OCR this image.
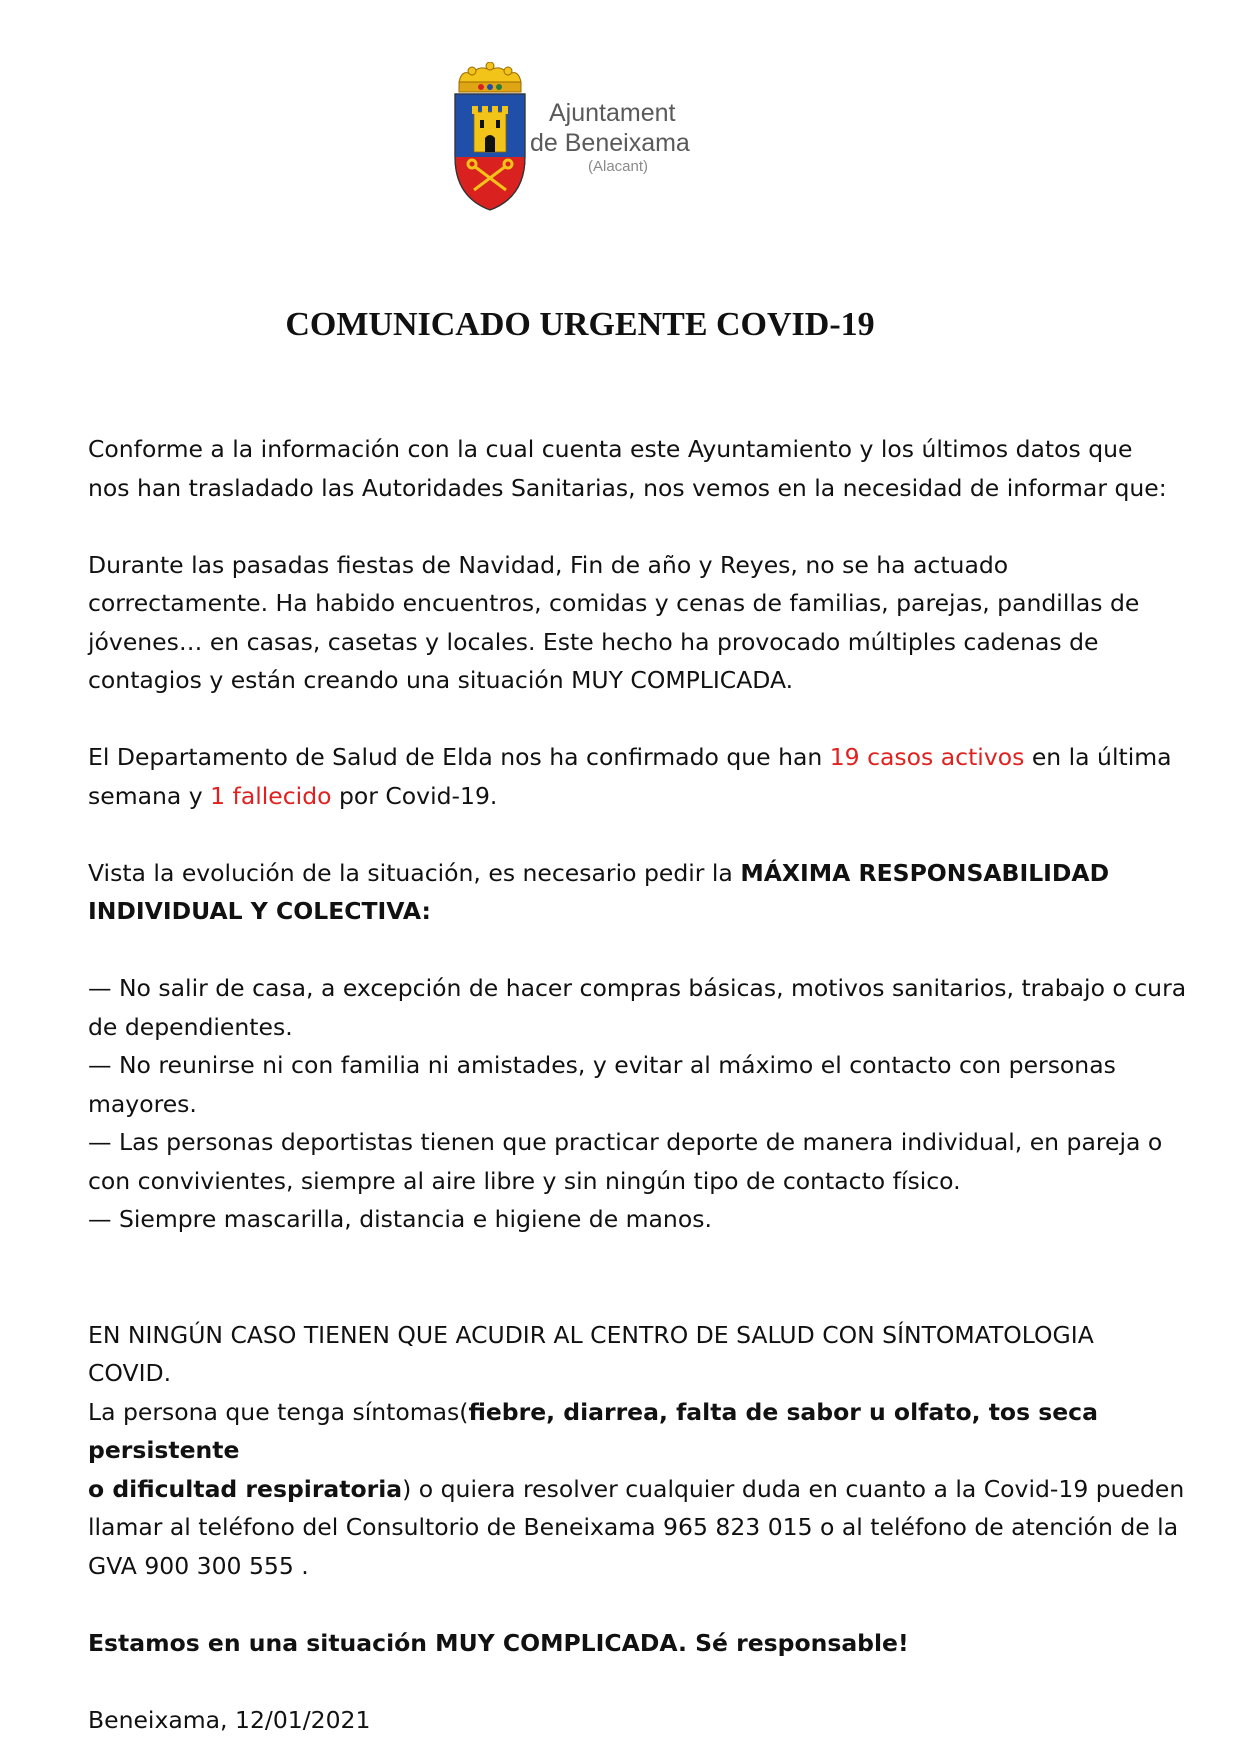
Ajuntament
de Beneixama
(Alacant)
COMUNICADO URGENTE COVID-19

Conforme a la información con la cual cuenta este Ayuntamiento y los últimos datos que
nos han trasladado las Autoridades Sanitarias, nos vemos en la necesidad de informar que:

Durante las pasadas fiestas de Navidad, Fin de año y Reyes, no se ha actuado
correctamente. Ha habido encuentros, comidas y cenas de familias, parejas, pandillas de
jóvenes… en casas, casetas y locales. Este hecho ha provocado múltiples cadenas de
contagios y están creando una situación MUY COMPLICADA.

El Departamento de Salud de Elda nos ha confirmado que han 19 casos activos en la última
semana y 1 fallecido por Covid-19.

Vista la evolución de la situación, es necesario pedir la MÁXIMA RESPONSABILIDAD
INDIVIDUAL Y COLECTIVA:

— No salir de casa, a excepción de hacer compras básicas, motivos sanitarios, trabajo o cura
de dependientes.

— No reunirse ni con familia ni amistades, y evitar al máximo el contacto con personas
mayores.

— Las personas deportistas tienen que practicar deporte de manera individual, en pareja o
con convivientes, siempre al aire libre y sin ningún tipo de contacto físico.

— Siempre mascarilla, distancia e higiene de manos.

EN NINGÚN CASO TIENEN QUE ACUDIR AL CENTRO DE SALUD CON SÍNTOMATOLOGIA
COVID.
La persona que tenga síntomas(fiebre, diarrea, falta de sabor u olfato, tos seca persistente
o dificultad respiratoria) o quiera resolver cualquier duda en cuanto a la Covid-19 pueden
llamar al teléfono del Consultorio de Beneixama 965 823 015 o al teléfono de atención de la
GVA 900 300 555 .

Estamos en una situación MUY COMPLICADA. Sé responsable!

Beneixama, 12/01/2021
